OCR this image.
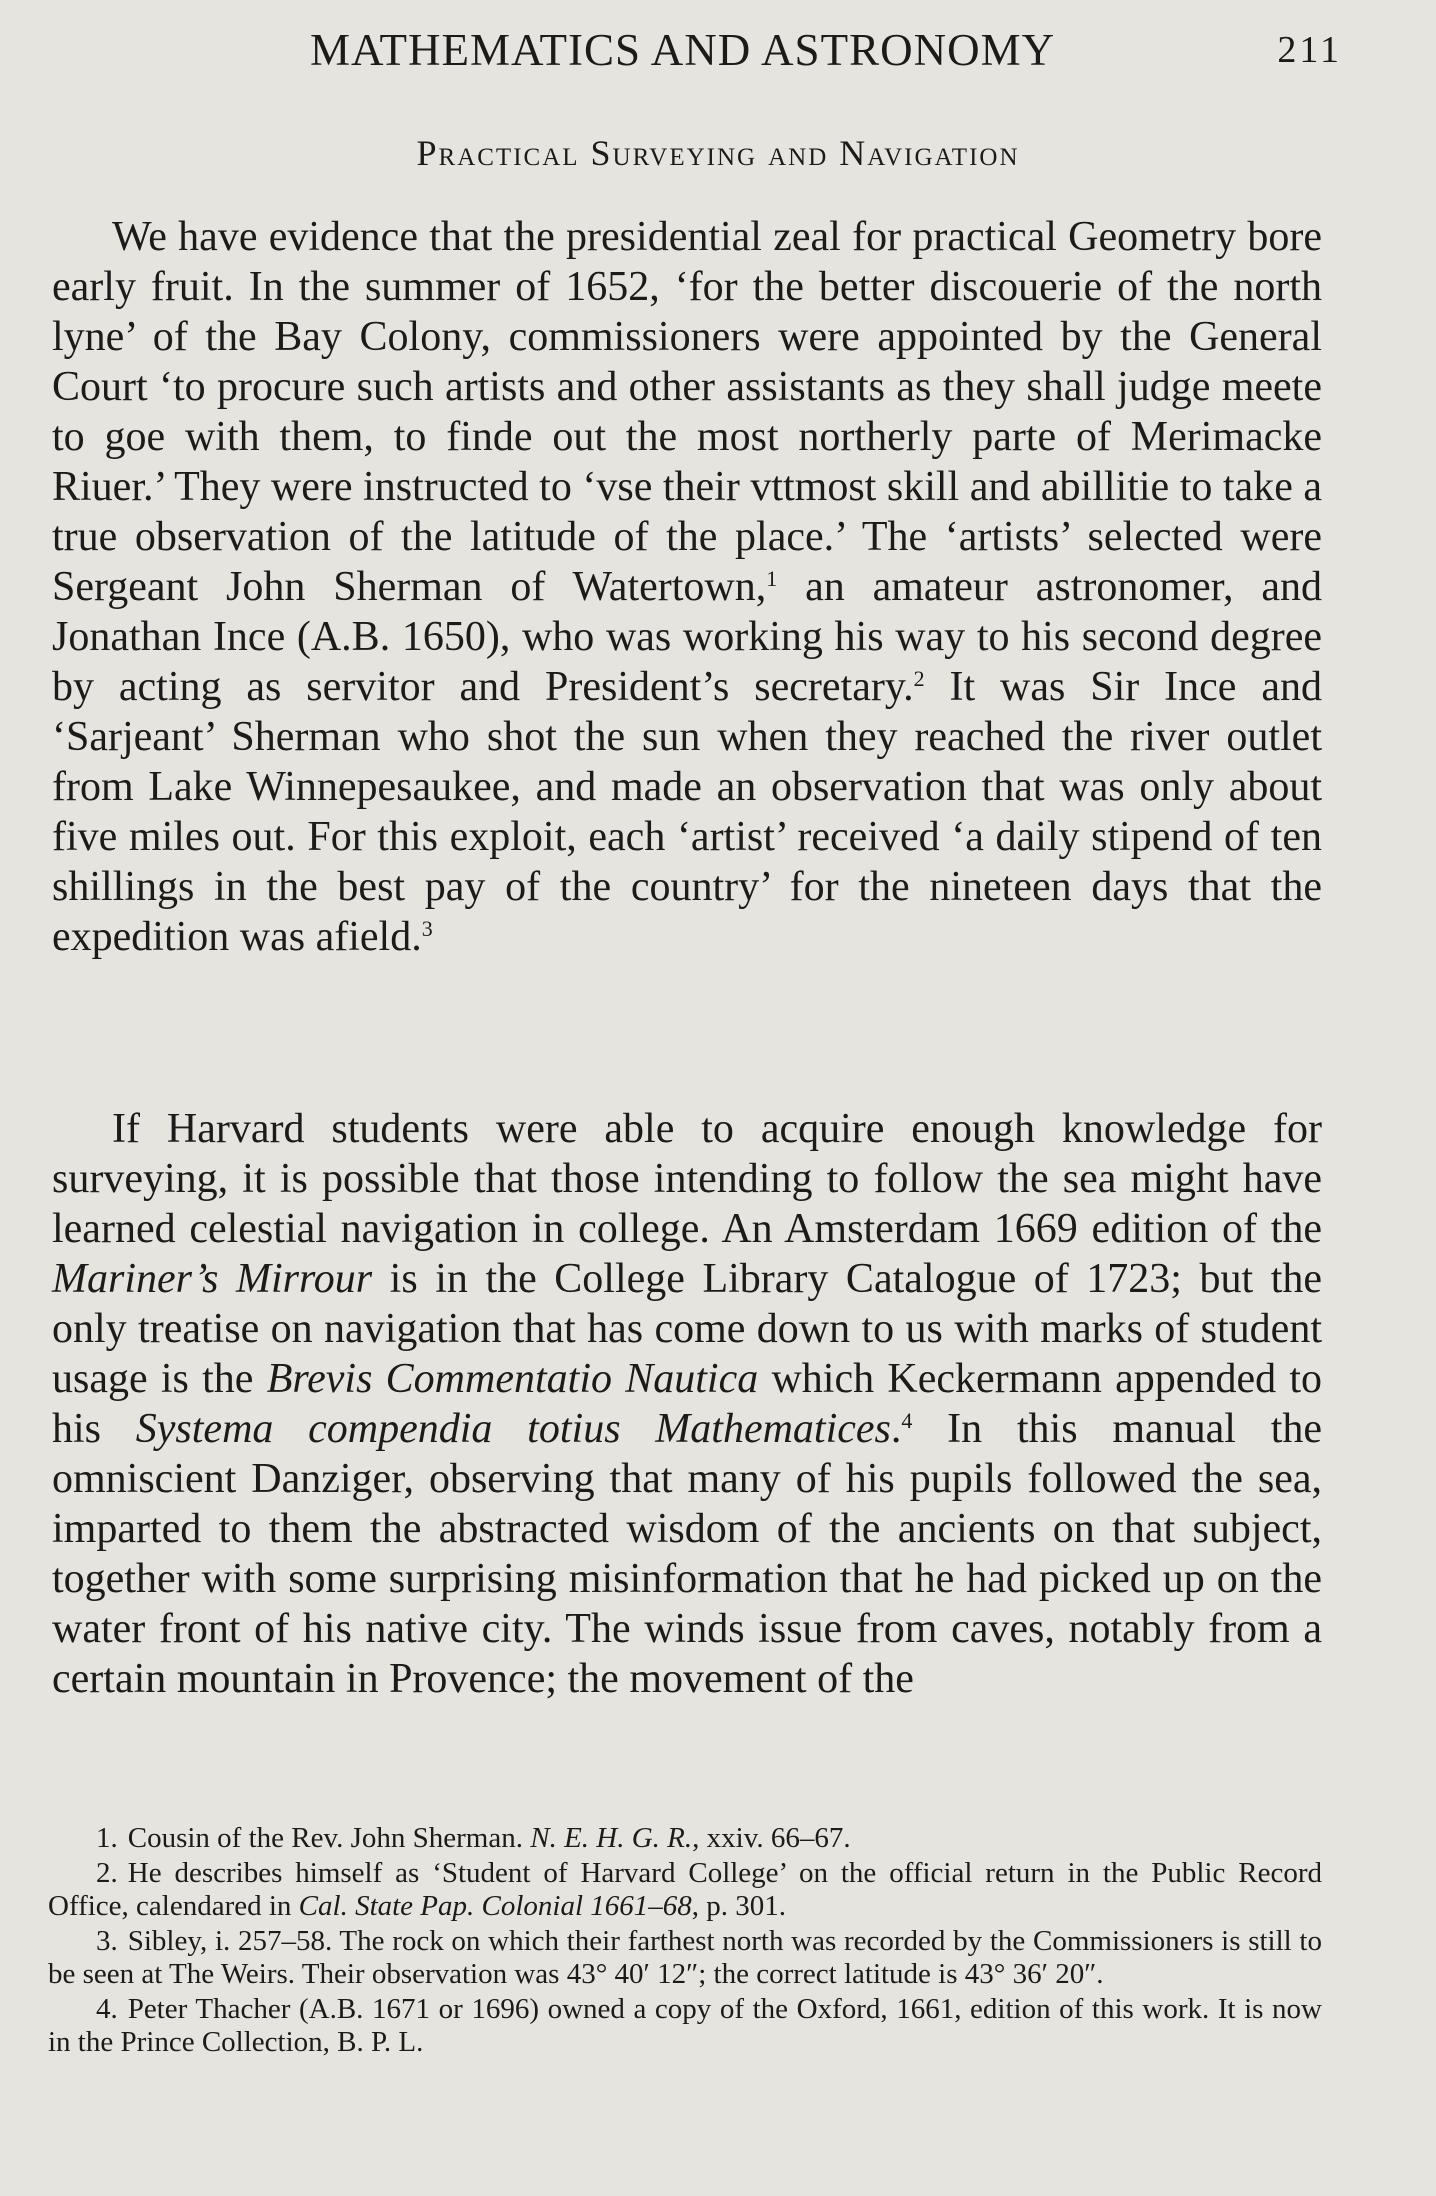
MATHEMATICS AND ASTRONOMY	211
Practical Surveying and Navigation

We have evidence that the presidential zeal for practical Geometry bore early fruit. In the summer of 1652, ‘for the better discouerie of the north lyne’ of the Bay Colony, commissioners were appointed by the General Court ‘to procure such artists and other assistants as they shall judge meete to goe with them, to finde out the most northerly parte of Merimacke Riuer.’ They were instructed to ‘vse their vttmost skill and abillitie to take a true observation of the latitude of the place.’ The ‘artists’ selected were Sergeant John Sherman of Watertown,$^1$ an amateur astronomer, and Jonathan Ince (A.B. 1650), who was working his way to his second degree by acting as servitor and President’s secretary.$^2$ It was Sir Ince and ‘Sarjeant’ Sherman who shot the sun when they reached the river outlet from Lake Winnepesaukee, and made an observation that was only about five miles out. For this exploit, each ‘artist’ received ‘a daily stipend of ten shillings in the best pay of the country’ for the nineteen days that the expedition was afield.$^3$

If Harvard students were able to acquire enough knowledge for surveying, it is possible that those intending to follow the sea might have learned celestial navigation in college. An Amsterdam 1669 edition of the Mariner’s Mirrour is in the College Library Catalogue of 1723; but the only treatise on navigation that has come down to us with marks of student usage is the Brevis Commentatio Nautica which Keckermann appended to his Systema compendia totius Mathematices.$^4$ In this manual the omniscient Danziger, observing that many of his pupils followed the sea, imparted to them the abstracted wisdom of the ancients on that subject, together with some surprising misinformation that he had picked up on the water front of his native city. The winds issue from caves, notably from a certain mountain in Provence; the movement of the

1. Cousin of the Rev. John Sherman. N. E. H. G. R., xxiv. 66–67.

2. He describes himself as ‘Student of Harvard College’ on the official return in the Public Record Office, calendared in Cal. State Pap. Colonial 1661–68, p. 301.

3. Sibley, i. 257–58. The rock on which their farthest north was recorded by the Commissioners is still to be seen at The Weirs. Their observation was 43° 40′ 12″; the correct latitude is 43° 36′ 20″.

4. Peter Thacher (A.B. 1671 or 1696) owned a copy of the Oxford, 1661, edition of this work. It is now in the Prince Collection, B. P. L.
